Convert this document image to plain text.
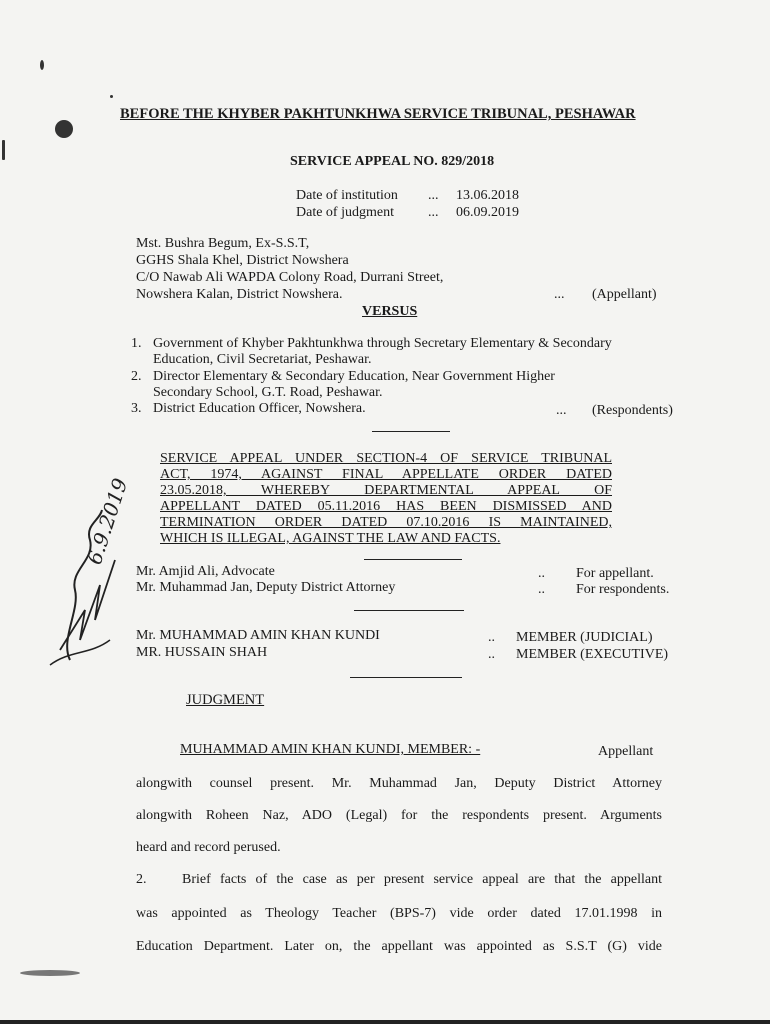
BEFORE THE KHYBER PAKHTUNKHWA SERVICE TRIBUNAL, PESHAWAR
SERVICE APPEAL NO. 829/2018
Date of institution ... 13.06.2018
Date of judgment ... 06.09.2019
Mst. Bushra Begum, Ex-S.S.T,
GGHS Shala Khel, District Nowshera
C/O Nawab Ali WAPDA Colony Road, Durrani Street,
Nowshera Kalan, District Nowshera.	... (Appellant)
VERSUS
1. Government of Khyber Pakhtunkhwa through Secretary Elementary & Secondary
Education, Civil Secretariat, Peshawar.
2. Director Elementary & Secondary Education, Near Government Higher
Secondary School, G.T. Road, Peshawar.
3. District Education Officer, Nowshera.	... (Respondents)
SERVICE APPEAL UNDER SECTION-4 OF SERVICE TRIBUNAL
ACT, 1974, AGAINST FINAL APPELLATE ORDER DATED
23.05.2018, WHEREBY DEPARTMENTAL APPEAL OF
APPELLANT DATED 05.11.2016 HAS BEEN DISMISSED AND
TERMINATION ORDER DATED 07.10.2016 IS MAINTAINED,
WHICH IS ILLEGAL, AGAINST THE LAW AND FACTS.
Mr. Amjid Ali, Advocate	.. For appellant.
Mr. Muhammad Jan, Deputy District Attorney	.. For respondents.
Mr. MUHAMMAD AMIN KHAN KUNDI	.. MEMBER (JUDICIAL)
MR. HUSSAIN SHAH	.. MEMBER (EXECUTIVE)
JUDGMENT
MUHAMMAD AMIN KHAN KUNDI, MEMBER: -	Appellant
alongwith counsel present. Mr. Muhammad Jan, Deputy District Attorney
alongwith Roheen Naz, ADO (Legal) for the respondents present. Arguments
heard and record perused.
2.	Brief facts of the case as per present service appeal are that the appellant
was appointed as Theology Teacher (BPS-7) vide order dated 17.01.1998 in
Education Department. Later on, the appellant was appointed as S.S.T (G) vide
6.9.2019
